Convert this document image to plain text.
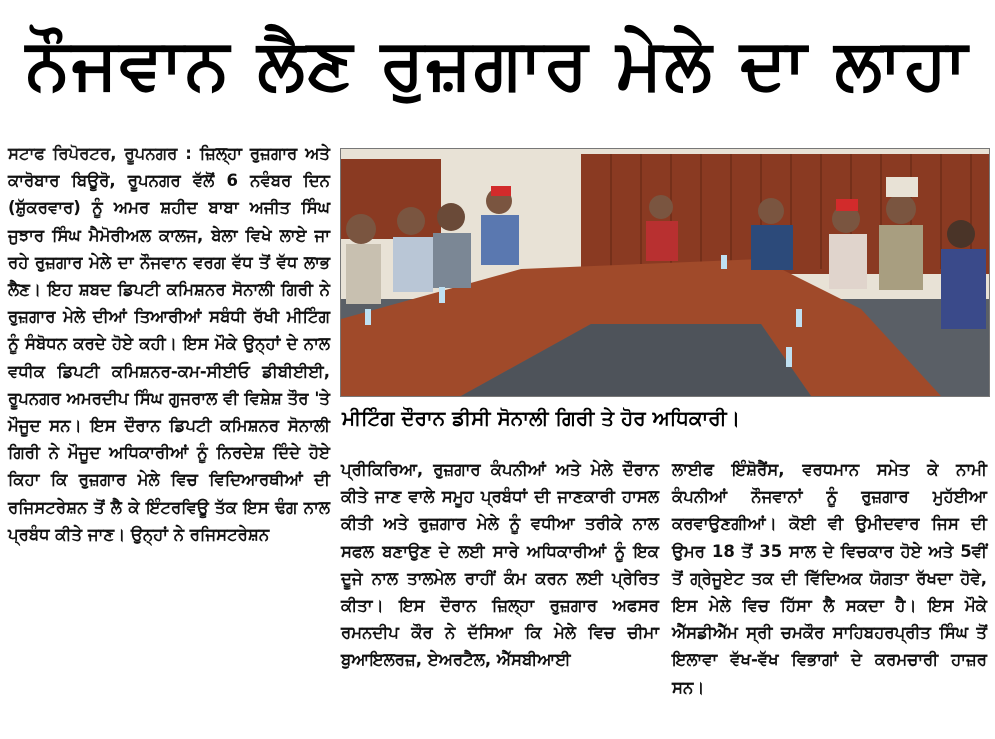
ਨੌਜਵਾਨ ਲੈਣ ਰੁਜ਼ਗਾਰ ਮੇਲੇ ਦਾ ਲਾਹਾ
ਸਟਾਫ ਰਿਪੋਰਟਰ, ਰੂਪਨਗਰ : ਜ਼ਿਲ੍ਹਾ ਰੁਜ਼ਗਾਰ ਅਤੇ ਕਾਰੋਬਾਰ ਬਿਊਰੋ, ਰੂਪਨਗਰ ਵੱਲੋਂ 6 ਨਵੰਬਰ ਦਿਨ (ਸ਼ੁੱਕਰਵਾਰ) ਨੂੰ ਅਮਰ ਸ਼ਹੀਦ ਬਾਬਾ ਅਜੀਤ ਸਿੰਘ ਜੁਝਾਰ ਸਿੰਘ ਮੈਮੋਰੀਅਲ ਕਾਲਜ, ਬੇਲਾ ਵਿਖੇ ਲਾਏ ਜਾ ਰਹੇ ਰੁਜ਼ਗਾਰ ਮੇਲੇ ਦਾ ਨੌਜਵਾਨ ਵਰਗ ਵੱਧ ਤੋਂ ਵੱਧ ਲਾਭ ਲੈਣ। ਇਹ ਸ਼ਬਦ ਡਿਪਟੀ ਕਮਿਸ਼ਨਰ ਸੋਨਾਲੀ ਗਿਰੀ ਨੇ ਰੁਜ਼ਗਾਰ ਮੇਲੇ ਦੀਆਂ ਤਿਆਰੀਆਂ ਸਬੰਧੀ ਰੱਖੀ ਮੀਟਿੰਗ ਨੂੰ ਸੰਬੋਧਨ ਕਰਦੇ ਹੋਏ ਕਹੀ। ਇਸ ਮੌਕੇ ਉਨ੍ਹਾਂ ਦੇ ਨਾਲ ਵਧੀਕ ਡਿਪਟੀ ਕਮਿਸ਼ਨਰ-ਕਮ-ਸੀਈਓ ਡੀਬੀਈਈ, ਰੂਪਨਗਰ ਅਮਰਦੀਪ ਸਿੰਘ ਗੁਜਰਾਲ ਵੀ ਵਿਸ਼ੇਸ਼ ਤੌਰ 'ਤੇ ਮੌਜੂਦ ਸਨ। ਇਸ ਦੌਰਾਨ ਡਿਪਟੀ ਕਮਿਸ਼ਨਰ ਸੋਨਾਲੀ ਗਿਰੀ ਨੇ ਮੌਜੂਦ ਅਧਿਕਾਰੀਆਂ ਨੂੰ ਨਿਰਦੇਸ਼ ਦਿੰਦੇ ਹੋਏ ਕਿਹਾ ਕਿ ਰੁਜ਼ਗਾਰ ਮੇਲੇ ਵਿਚ ਵਿਦਿਆਰਥੀਆਂ ਦੀ ਰਜਿਸਟਰੇਸ਼ਨ ਤੋਂ ਲੈ ਕੇ ਇੰਟਰਵਿਊ ਤੱਕ ਇਸ ਢੰਗ ਨਾਲ ਪ੍ਰਬੰਧ ਕੀਤੇ ਜਾਣ। ਉਨ੍ਹਾਂ ਨੇ ਰਜਿਸਟਰੇਸ਼ਨ
ਮੀਟਿੰਗ ਦੌਰਾਨ ਡੀਸੀ ਸੋਨਾਲੀ ਗਿਰੀ ਤੇ ਹੋਰ ਅਧਿਕਾਰੀ।
ਪ੍ਰੀਕਿਰਿਆ, ਰੁਜ਼ਗਾਰ ਕੰਪਨੀਆਂ ਅਤੇ ਮੇਲੇ ਦੌਰਾਨ ਕੀਤੇ ਜਾਣ ਵਾਲੇ ਸਮੂਹ ਪ੍ਰਬੰਧਾਂ ਦੀ ਜਾਣਕਾਰੀ ਹਾਸਲ ਕੀਤੀ ਅਤੇ ਰੁਜ਼ਗਾਰ ਮੇਲੇ ਨੂੰ ਵਧੀਆ ਤਰੀਕੇ ਨਾਲ ਸਫਲ ਬਣਾਉਣ ਦੇ ਲਈ ਸਾਰੇ ਅਧਿਕਾਰੀਆਂ ਨੂੰ ਇਕ ਦੂਜੇ ਨਾਲ ਤਾਲਮੇਲ ਰਾਹੀਂ ਕੰਮ ਕਰਨ ਲਈ ਪ੍ਰੇਰਿਤ ਕੀਤਾ। ਇਸ ਦੌਰਾਨ ਜ਼ਿਲ੍ਹਾ ਰੁਜ਼ਗਾਰ ਅਫਸਰ ਰਮਨਦੀਪ ਕੌਰ ਨੇ ਦੱਸਿਆ ਕਿ ਮੇਲੇ ਵਿਚ ਚੀਮਾ ਬੁਆਇਲਰਜ਼, ਏਅਰਟੈਲ, ਐੱਸਬੀਆਈ
ਲਾਈਫ ਇੰਸ਼ੋਰੈਂਸ, ਵਰਧਮਾਨ ਸਮੇਤ ਕੇ ਨਾਮੀ ਕੰਪਨੀਆਂ ਨੌਜਵਾਨਾਂ ਨੂੰ ਰੁਜ਼ਗਾਰ ਮੁਹੱਈਆ ਕਰਵਾਉਣਗੀਆਂ। ਕੋਈ ਵੀ ਉਮੀਦਵਾਰ ਜਿਸ ਦੀ ਉਮਰ 18 ਤੋਂ 35 ਸਾਲ ਦੇ ਵਿਚਕਾਰ ਹੋਏ ਅਤੇ 5ਵੀਂ ਤੋਂ ਗ੍ਰੇਜੂਏਟ ਤਕ ਦੀ ਵਿੱਦਿਅਕ ਯੋਗਤਾ ਰੱਖਦਾ ਹੋਵੇ, ਇਸ ਮੇਲੇ ਵਿਚ ਹਿੱਸਾ ਲੈ ਸਕਦਾ ਹੈ। ਇਸ ਮੌਕੇ ਐੱਸਡੀਐੱਮ ਸ੍ਰੀ ਚਮਕੌਰ ਸਾਹਿਬਹਰਪ੍ਰੀਤ ਸਿੰਘ ਤੋਂ ਇਲਾਵਾ ਵੱਖ-ਵੱਖ ਵਿਭਾਗਾਂ ਦੇ ਕਰਮਚਾਰੀ ਹਾਜ਼ਰ ਸਨ।
